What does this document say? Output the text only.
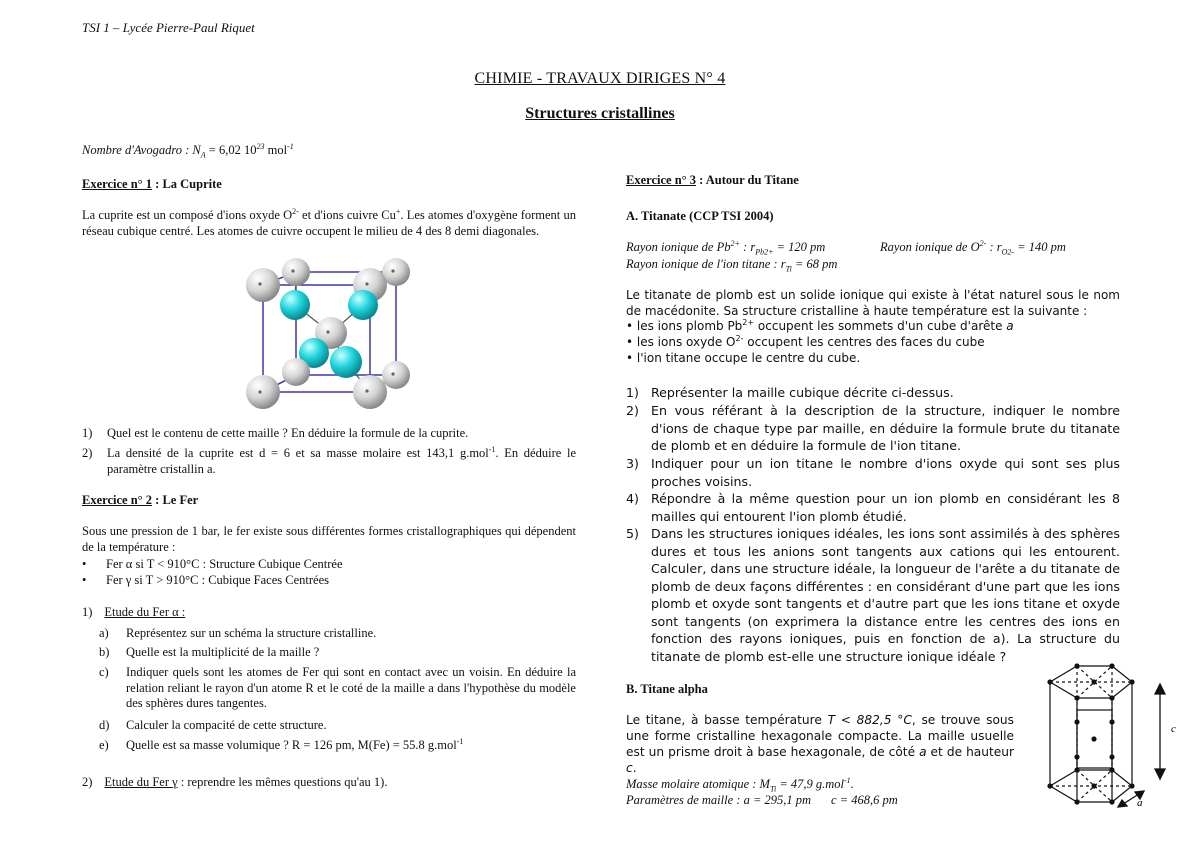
TSI 1 – Lycée Pierre-Paul Riquet
CHIMIE - TRAVAUX DIRIGES N° 4
Structures cristallines
Nombre d'Avogadro : $N_A = 6,02$ $10^{23}$ mol$^{-1}$
Exercice n° 1 : La Cuprite
La cuprite est un composé d'ions oxyde $O^{2-}$ et d'ions cuivre Cu+. Les atomes d'oxygène forment un réseau cubique centré. Les atomes de cuivre occupent le milieu de 4 des 8 demi diagonales.
1) Quel est le contenu de cette maille ? En déduire la formule de la cuprite.
2) La densité de la cuprite est d = 6 et sa masse molaire est 143,1 g.mol$^{-1}$. En déduire le paramètre cristallin a.
Exercice n° 2 : Le Fer
Sous une pression de 1 bar, le fer existe sous différentes formes cristallographiques qui dépendent de la température :
• Fer α si T < 910°C : Structure Cubique Centrée
• Fer γ si T > 910°C : Cubique Faces Centrées
1) Etude du Fer α :
a) Représentez sur un schéma la structure cristalline.
b) Quelle est la multiplicité de la maille ?
c) Indiquer quels sont les atomes de Fer qui sont en contact avec un voisin. En déduire la relation reliant le rayon d'un atome R et le coté de la maille a dans l'hypothèse du modèle des sphères dures tangentes.
d) Calculer la compacité de cette structure.
e) Quelle est sa masse volumique ? R = 126 pm, M(Fe) = 55.8 g.mol$^{-1}$
2) Etude du Fer γ : reprendre les mêmes questions qu'au 1).
Exercice n° 3 : Autour du Titane
A. Titanate (CCP TSI 2004)
Rayon ionique de $Pb^{2+}$ : $r_{Pb2+} = 120$ pm	Rayon ionique de $O^{2-}$ : $r_{O2-} = 140$ pm
Rayon ionique de l'ion titane : $r_{Ti} = 68$ pm
Le titanate de plomb est un solide ionique qui existe à l'état naturel sous le nom de macédonite. Sa structure cristalline à haute température est la suivante :
• les ions plomb $Pb^{2+}$ occupent les sommets d'un cube d'arête a
• les ions oxyde $O^{2-}$ occupent les centres des faces du cube
• l'ion titane occupe le centre du cube.
1) Représenter la maille cubique décrite ci-dessus.
2) En vous référant à la description de la structure, indiquer le nombre d'ions de chaque type par maille, en déduire la formule brute du titanate de plomb et en déduire la formule de l'ion titane.
3) Indiquer pour un ion titane le nombre d'ions oxyde qui sont ses plus proches voisins.
4) Répondre à la même question pour un ion plomb en considérant les 8 mailles qui entourent l'ion plomb étudié.
5) Dans les structures ioniques idéales, les ions sont assimilés à des sphères dures et tous les anions sont tangents aux cations qui les entourent. Calculer, dans une structure idéale, la longueur de l'arête a du titanate de plomb de deux façons différentes : en considérant d'une part que les ions plomb et oxyde sont tangents et d'autre part que les ions titane et oxyde sont tangents (on exprimera la distance entre les centres des ions en fonction des rayons ioniques, puis en fonction de a). La structure du titanate de plomb est-elle une structure ionique idéale ?
B. Titane alpha
Le titane, à basse température T < 882,5 °C, se trouve sous une forme cristalline hexagonale compacte. La maille usuelle est un prisme droit à base hexagonale, de côté a et de hauteur c.
Masse molaire atomique : $M_{Ti} = 47,9$ g.mol$^{-1}$.
Paramètres de maille : a = 295,1 pm c = 468,6 pm
c
a
